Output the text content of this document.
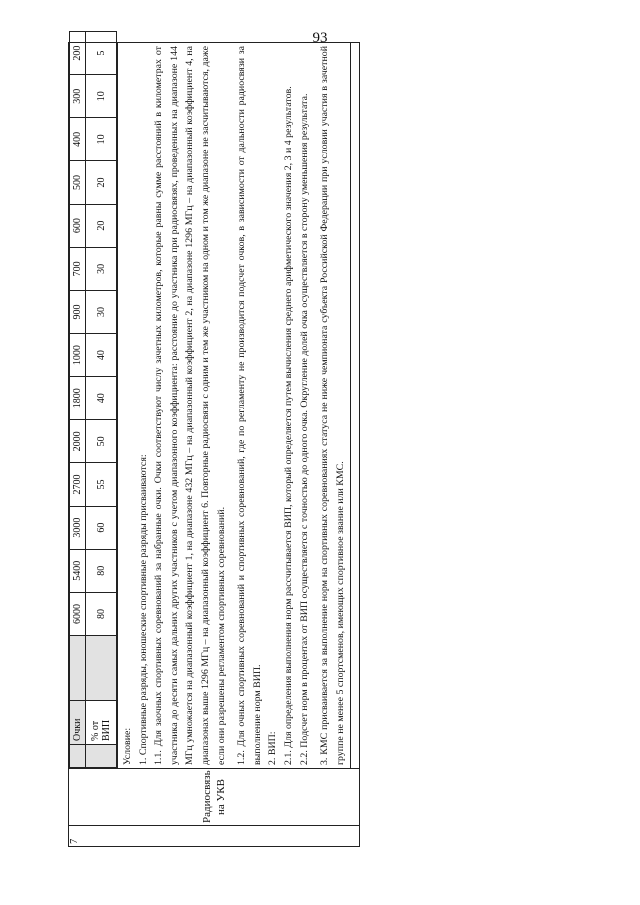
93
7	Радиосвязь на УКВ	
	Очки		6000	5400	3000	2700	2000	1800	1000	900	700	600	500	400	300	200
	% от ВИП		80	80	60	55	50	40	40	30	30	20	20	10	10	5

Условие: 1. Спортивные разряды, юношеские спортивные разряды присваиваются: 1.1. Для заочных спортивных соревнований за набранные очки. Очки соответствуют числу зачетных километров, которые равны сумме расстояний в километрах от участника до десяти самых дальних других участников с учетом диапазонного коэффициента: расстояние до участника при радиосвязях, проведенных на диапазоне 144 МГц умножается на диапазонный коэффициент 1, на диапазоне 432 МГц – на диапазонный коэффициент 2, на диапазоне 1296 МГц – на диапазонный коэффициент 4, на диапазонах выше 1296 МГц – на диапазонный коэффициент 6. Повторные радиосвязи с одним и тем же участником на одном и том же диапазоне не засчитываются, даже если они разрешены регламентом спортивных соревнований. 1.2. Для очных спортивных соревнований и спортивных соревнований, где по регламенту не производится подсчет очков, в зависимости от дальности радиосвязи за выполнение норм ВИП. 2. ВИП: 2.1. Для определения выполнения норм рассчитывается ВИП, который определяется путем вычисления среднего арифметического значения 2, 3 и 4 результатов. 2.2. Подсчет норм в процентах от ВИП осуществляется с точностью до одного очка. Округление долей очка осуществляется в сторону уменьшения результата. 3. КМС присваивается за выполнение норм на спортивных соревнованиях статуса не ниже чемпионата субъекта Российской Федерации при условии участия в зачетной группе не менее 5 спортсменов, имеющих спортивное звание или КМС.
